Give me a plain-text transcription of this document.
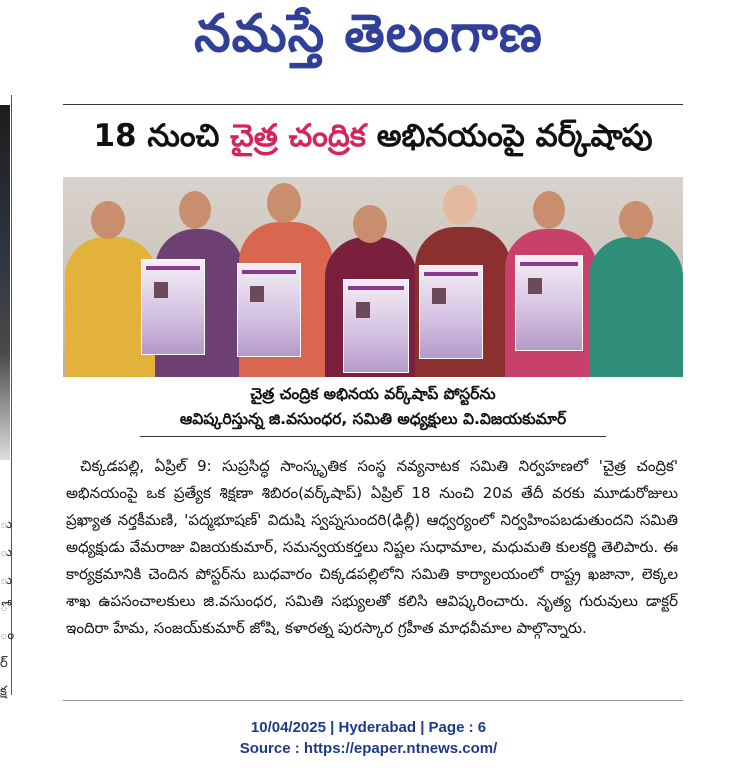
నమస్తే తెలంగాణ
ు
ు
ు
ో
ం
ర్
క్ష
18 నుంచి చైత్ర చంద్రిక అభినయంపై వర్క్‌షాపు
చైత్ర చంద్రిక అభినయ వర్క్‌షాప్ పోస్టర్‌ను
ఆవిష్కరిస్తున్న జి.వసుంధర, సమితి అధ్యక్షులు వి.విజయకుమార్

చిక్కడపల్లి, ఏప్రిల్ 9: సుప్రసిద్ధ సాంస్కృతిక సంస్థ నవ్యనాటక సమితి నిర్వహణలో 'చైత్ర చంద్రిక' అభినయంపై ఒక ప్రత్యేక శిక్షణా శిబిరం(వర్క్‌షాప్) ఏప్రిల్ 18 నుంచి 20వ తేదీ వరకు మూడురోజులు ప్రఖ్యాత నర్తకీమణి, 'పద్మభూషణ్' విదుషి స్వప్నసుందరి(ఢిల్లీ) ఆధ్వర్యంలో నిర్వహింపబడుతుందని సమితి అధ్యక్షుడు వేమరాజు విజయకుమార్, సమన్వయకర్తలు నిష్టల సుధామాల, మధుమతి కులకర్ణి తెలిపారు. ఈ కార్యక్రమానికి చెందిన పోస్టర్‌ను బుధవారం చిక్కడపల్లిలోని సమితి కార్యాలయంలో రాష్ట్ర ఖజానా, లెక్కల శాఖ ఉపసంచాలకులు జి.వసుంధర, సమితి సభ్యులతో కలిసి ఆవిష్కరించారు. నృత్య గురువులు డాక్టర్ ఇందిరా హేమ, సంజయ్‌కుమార్ జోషి, కళారత్న పురస్కార గ్రహీత మాధవీమాల పాల్గొన్నారు.

10/04/2025 | Hyderabad | Page : 6
Source : https://epaper.ntnews.com/
